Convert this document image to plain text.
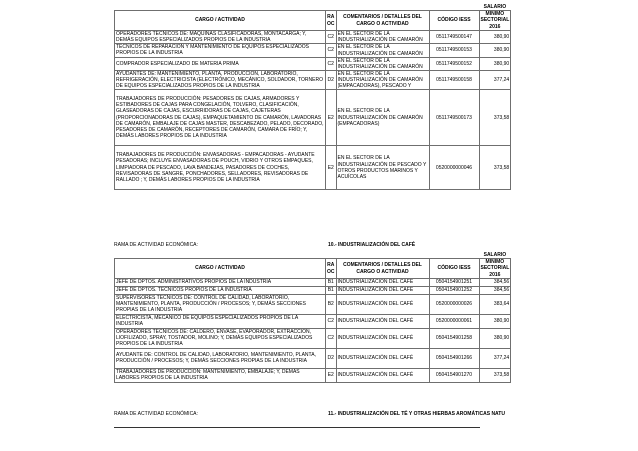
				SALARIO
CARGO / ACTIVIDAD	RA OC	COMENTARIOS / DETALLES DEL CARGO O ACTIVIDAD	CÓDIGO IESS	MÍNIMO SECTORIAL 2016
OPERADORES TÉCNICOS DE: MÁQUINAS CLASIFICADORAS, MONTACARGA; Y, DEMÁS EQUIPOS ESPECIALIZADOS PROPIOS DE LA INDUSTRIA	C2	EN EL SECTOR DE LA INDUSTRIALIZACIÓN DE CAMARÓN	0511749500147	380,90
TÉCNICOS DE REPARACIÓN Y MANTENIMIENTO DE EQUIPOS ESPECIALIZADOS PROPIOS DE LA INDUSTRIA	C2	EN EL SECTOR DE LA INDUSTRIALIZACIÓN DE CAMARÓN	0511749500153	380,90
COMPRADOR ESPECIALIZADO DE MATERIA PRIMA	C2	EN EL SECTOR DE LA INDUSTRIALIZACIÓN DE CAMARÓN	0511749500152	380,90
AYUDANTES DE: MANTENIMIENTO, PLANTA, PRODUCCIÓN, LABORATORIO, REFRIGERACIÓN, ELECTRICISTA (ELECTRÓNICO, MECÁNICO, SOLDADOR, TORNERO DE EQUIPOS ESPECIALIZADOS PROPIOS DE LA INDUSTRIA	D2	EN EL SECTOR DE LA INDUSTRIALIZACIÓN DE CAMARÓN (EMPACADORAS), PESCADO Y	0511749500158	377,24
TRABAJADORES DE PRODUCCIÓN: PESADORES DE CAJAS, ARMADORES Y ESTIBADORES DE CAJAS PARA CONGELACIÓN, TOLVERO, CLASIFICACIÓN, GLASEADORAS DE CAJAS, ESCURRIDORAS DE CAJAS, CAJETERAS (PROPORCIONADORAS DE CAJAS), EMPAQUETAMIENTO DE CAMARÓN, LAVADORAS DE CAMARÓN, EMBALAJE DE CAJAS MASTER, DESCABEZADO, PELADO, DECORADO, PESADORES DE CAMARÓN, RECEPTORES DE CAMARÓN, CAMARA DE FRÍO; Y, DEMÁS LABORES PROPIOS DE LA INDUSTRIA	E2	EN EL SECTOR DE LA INDUSTRIALIZACIÓN DE CAMARÓN (EMPACADORAS)	0511749500173	373,58
TRABAJADORES DE PRODUCCIÓN: ENVASADORAS - EMPACADORAS - AYUDANTE PESADORAS; INCLUYE ENVASADORAS DE POUCH, VIDRIO Y OTROS EMPAQUES, LIMPIADORA DE PESCADO, LAVA BANDEJAS, PASADORES DE COCHES, REVISADORAS DE SANGRE, PONCHADORES, SELLADORES, REVISADORAS DE RALLADO ; Y, DEMÁS LABORES PROPIOS DE LA INDUSTRIA	E2	EN EL SECTOR DE LA INDUSTRIALIZACIÓN DE PESCADO Y OTROS PRODUCTOS MARINOS Y ACUÍCOLAS	0520000000046	373,58
RAMA DE ACTIVIDAD ECONÓMICA:	10.- INDUSTRIALIZACIÓN DEL CAFÉ
				SALARIO
CARGO / ACTIVIDAD	RA OC	COMENTARIOS / DETALLES DEL CARGO O ACTIVIDAD	CÓDIGO IESS	MÍNIMO SECTORIAL 2016
JEFE DE DPTOS. ADMINISTRATIVOS PROPIOS DE LA INDUSTRIA	B1	INDUSTRIALIZACIÓN DEL CAFÉ	0504154901251	384,56
JEFE DE DPTOS. TÉCNICOS PROPIOS DE LA INDUSTRIA	B1	INDUSTRIALIZACIÓN DEL CAFÉ	0504154901252	384,56
SUPERVISORES TÉCNICOS DE: CONTROL DE CALIDAD, LABORATORIO, MANTENIMIENTO, PLANTA, PRODUCCIÓN / PROCESOS; Y, DEMÁS SECCIONES PROPIAS DE LA INDUSTRIA	B2	INDUSTRIALIZACIÓN DEL CAFÉ	0520000000026	383,64
ELECTRICISTA, MECÁNICO DE EQUIPOS ESPECIALIZADOS PROPIOS DE LA INDUSTRIA	C2	INDUSTRIALIZACIÓN DEL CAFÉ	0520000000061	380,90
OPERADORES TÉCNICOS DE: CALDERO, ENVASE, EVAPORADOR, EXTRACCIÓN, LIOFILIZADO, SPRAY, TOSTADOR, MOLINO; Y, DEMÁS EQUIPOS ESPECIALIZADOS PROPIOS DE LA INDUSTRIA	C2	INDUSTRIALIZACIÓN DEL CAFÉ	0504154901258	380,90
AYUDANTE DE: CONTROL DE CALIDAD, LABORATORIO, MANTENIMIENTO, PLANTA, PRODUCCIÓN / PROCESOS; Y, DEMÁS SECCIONES PROPIAS DE LA INDUSTRIA	D2	INDUSTRIALIZACIÓN DEL CAFÉ	0504154901266	377,24
TRABAJADORES DE PRODUCCIÓN: MANTENIMIENTO, EMBALAJE; Y, DEMÁS LABORES PROPIOS DE LA INDUSTRIA	E2	INDUSTRIALIZACIÓN DEL CAFÉ	0504154901270	373,58
RAMA DE ACTIVIDAD ECONÓMICA:	11.- INDUSTRIALIZACIÓN DEL TÉ Y OTRAS HIERBAS AROMÁTICAS NATU
